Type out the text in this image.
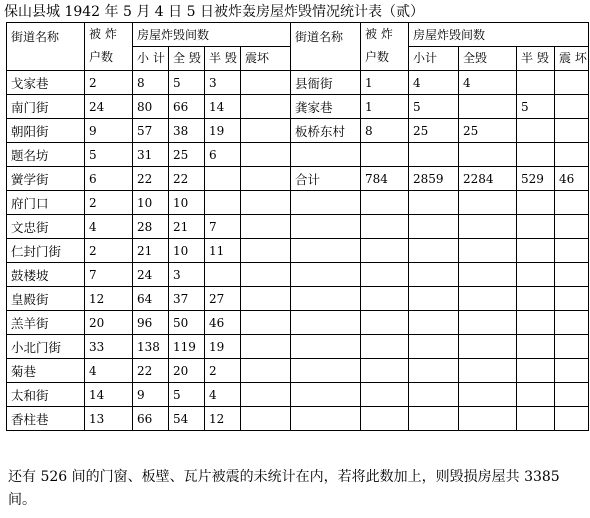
保山县城 1942 年 5 月 4 日 5 日被炸轰房屋炸毁情况统计表（贰）
街道名称	被 炸 户数	房屋炸毁间数				街道名称	被 炸 户数	房屋炸毁间数			
		小 计	全 毁	半 毁	震坏			小计	全毁	半 毁	震 坏

戈家巷	2	8	5	3		县衙街	1	4	4		
南门街	24	80	66	14		龚家巷	1	5		5	
朝阳街	9	57	38	19		板桥东村	8	25	25		
题名坊	5	31	25	6							
黉学街	6	22	22			合计	784	2859	2284	529	46
府门口	2	10	10								
文忠街	4	28	21	7							
仁封门街	2	21	10	11							
鼓楼坡	7	24	3								
皇殿街	12	64	37	27							
羔羊街	20	96	50	46							
小北门街	33	138	119	19							
菊巷	4	22	20	2							
太和街	14	9	5	4							
香柱巷	13	66	54	12							
还有 526 间的门窗、板壁、瓦片被震的未统计在内，若将此数加上，则毁损房屋共 3385 间。
